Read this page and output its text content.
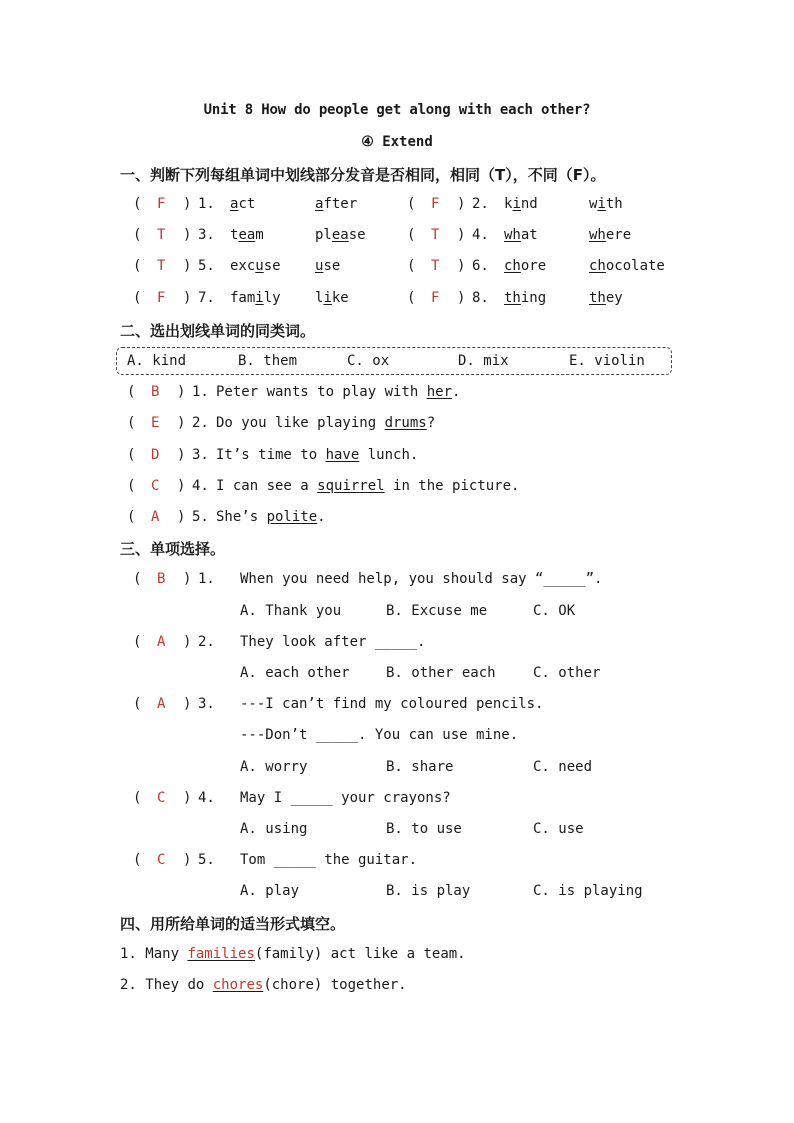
Unit 8 How do people get along with each other?
④ Extend
一、判断下列每组单词中划线部分发音是否相同，相同（T），不同（F）。
( F ) 1. act	after	( F ) 2. kind	with
( T ) 3. team	please	( T ) 4. what	where
( T ) 5. excuse use	( T ) 6. chore	chocolate
( F ) 7. family like	( F ) 8. thing	they
二、选出划线单词的同类词。
A. kind	B. them	C. ox	D. mix	E. violin
( B ) 1. Peter wants to play with her.
( E ) 2. Do you like playing drums?
( D ) 3. It’s time to have lunch.
( C ) 4. I can see a squirrel in the picture.
( A ) 5. She’s polite.
三、单项选择。
( B ) 1. When you need help, you should say “_____”.
A. Thank you	B. Excuse me	C. OK
( A ) 2. They look after _____.
A. each other	B. other each	C. other
( A ) 3. ---I can’t find my coloured pencils.
---Don’t _____. You can use mine.
A. worry	B. share	C. need
( C ) 4. May I _____ your crayons?
A. using	B. to use	C. use
( C ) 5. Tom _____ the guitar.
A. play	B. is play	C. is playing
四、用所给单词的适当形式填空。
1. Many families(family) act like a team.
2. They do chores(chore) together.
